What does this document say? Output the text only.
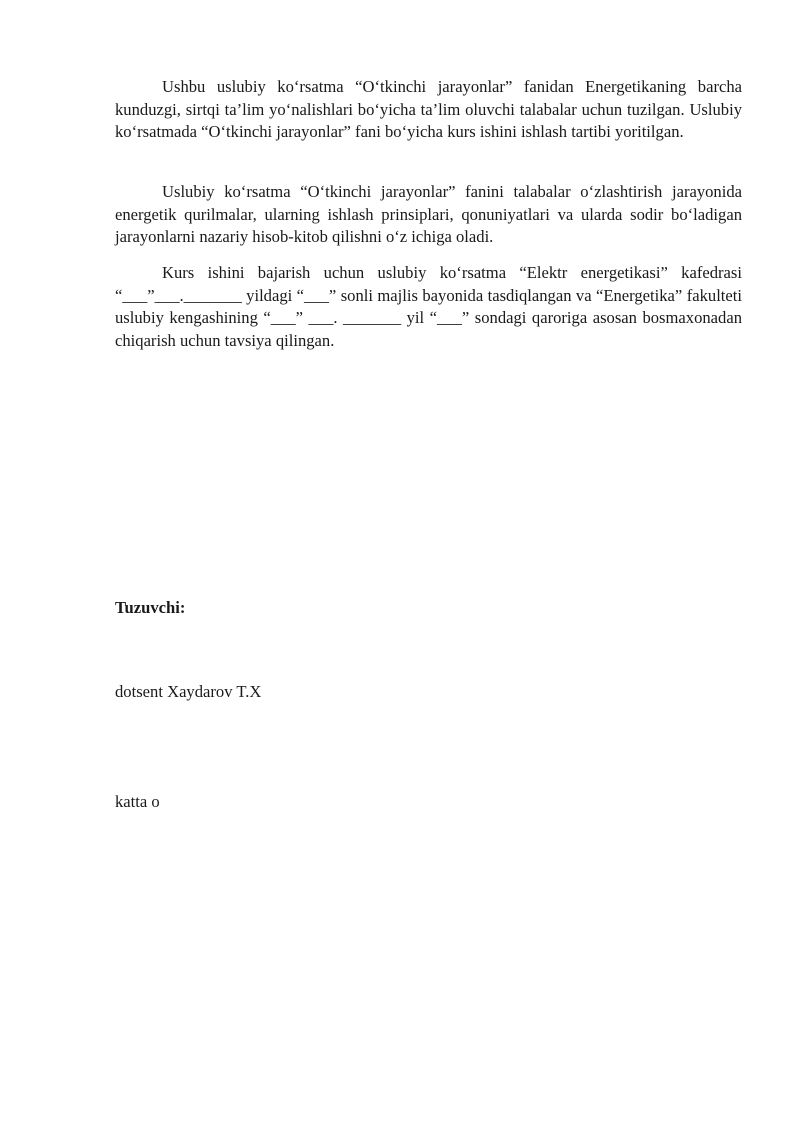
Ushbu uslubiy ko‘rsatma “O‘tkinchi jarayonlar” fanidan Energetikaning barcha kunduzgi, sirtqi ta’lim yo‘nalishlari bo‘yicha ta’lim oluvchi talabalar uchun tuzilgan. Uslubiy ko‘rsatmada “O‘tkinchi jarayonlar” fani bo‘yicha kurs ishini ishlash tartibi yoritilgan.

Uslubiy ko‘rsatma “O‘tkinchi jarayonlar” fanini talabalar o‘zlashtirish jarayonida energetik qurilmalar, ularning ishlash prinsiplari, qonuniyatlari va ularda sodir bo‘ladigan jarayonlarni nazariy hisob-kitob qilishni o‘z ichiga oladi.

Kurs ishini bajarish uchun uslubiy ko‘rsatma “Elektr energetikasi” kafedrasi “___”___._______ yildagi “___” sonli majlis bayonida tasdiqlangan va “Energetika” fakulteti uslubiy kengashining “___” ___. _______ yil “___” sondagi qaroriga asosan bosmaxonadan chiqarish uchun tavsiya qilingan.

Tuzuvchi:

dotsent Xaydarov T.X

katta o
